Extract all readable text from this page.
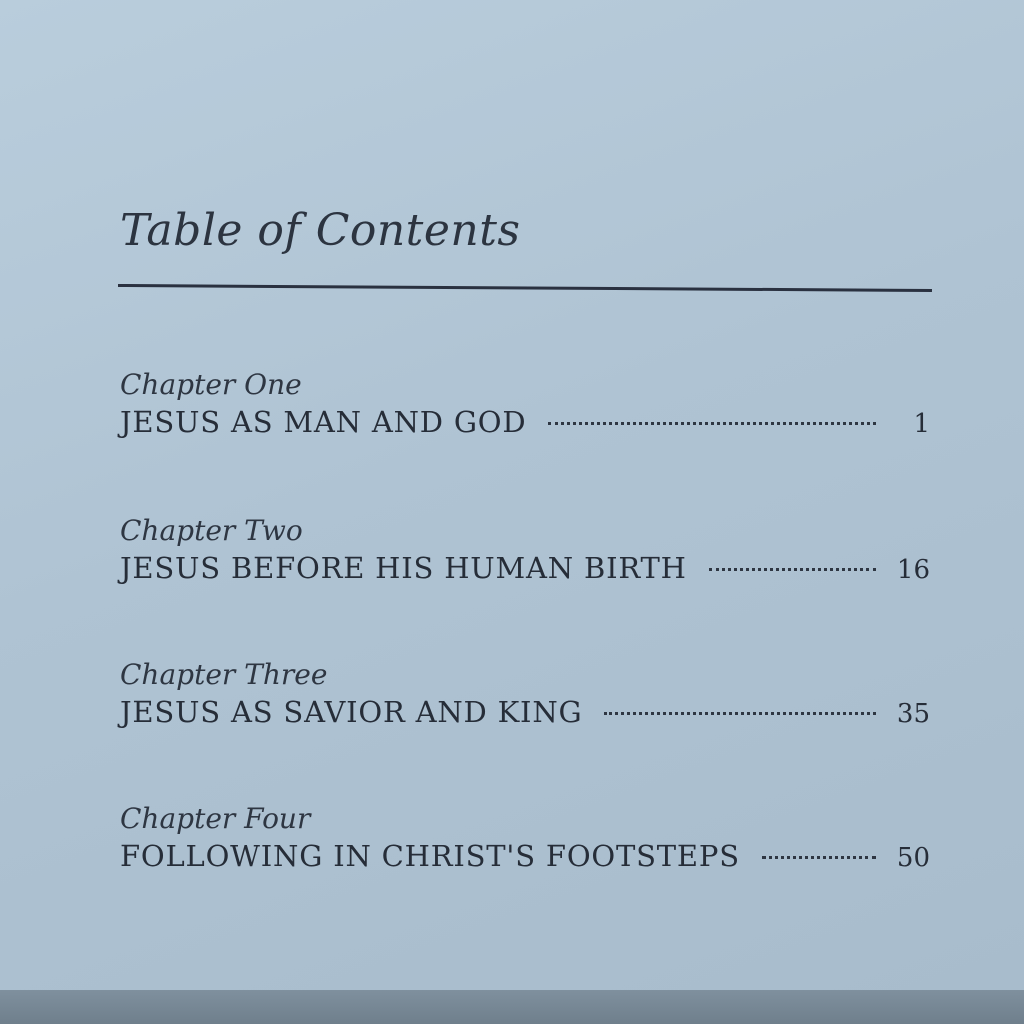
Table of Contents
Chapter One
JESUS AS MAN AND GOD	1
Chapter Two
JESUS BEFORE HIS HUMAN BIRTH	16
Chapter Three
JESUS AS SAVIOR AND KING	35
Chapter Four
FOLLOWING IN CHRIST'S FOOTSTEPS	50
